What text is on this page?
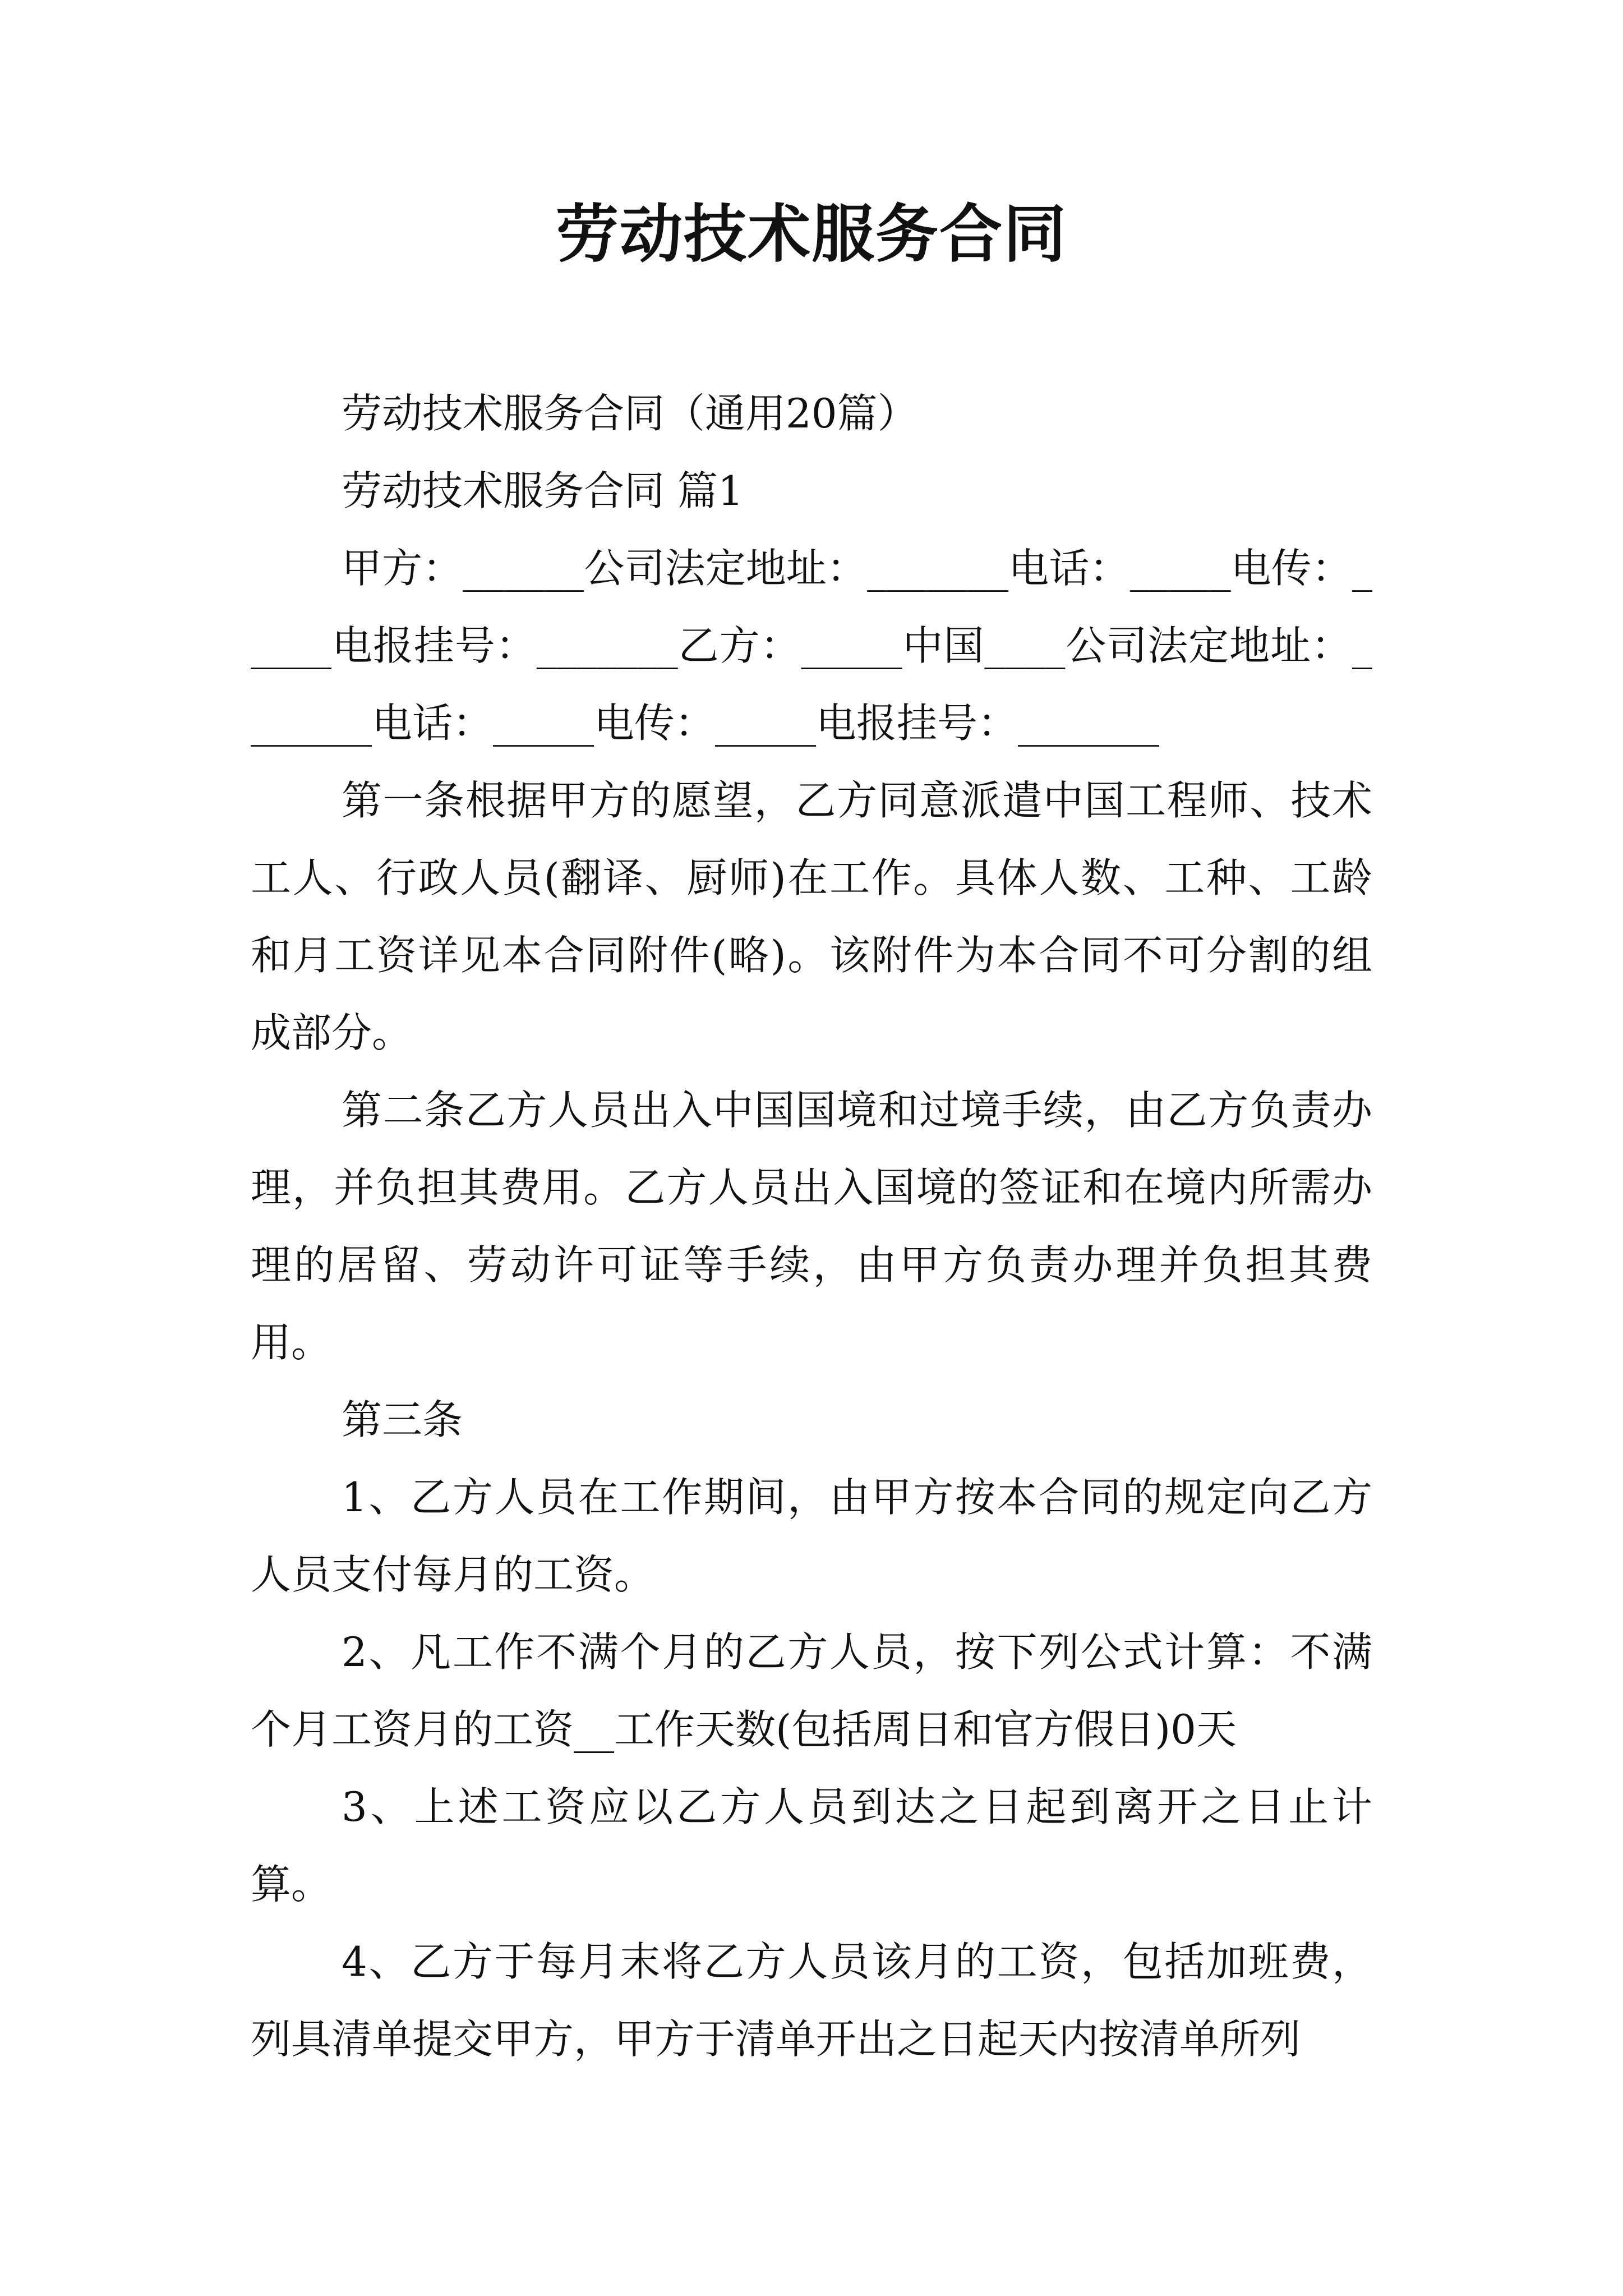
劳动技术服务合同

劳动技术服务合同（通用20篇）

劳动技术服务合同 篇1

甲方：______公司法定地址：_______电话：_____电传：_____电报挂号：_______乙方：_____中国____公司法定地址：_______电话：_____电传：_____电报挂号：_______

第一条根据甲方的愿望，乙方同意派遣中国工程师、技术工人、行政人员(翻译、厨师)在工作。具体人数、工种、工龄和月工资详见本合同附件(略)。该附件为本合同不可分割的组成部分。

第二条乙方人员出入中国国境和过境手续，由乙方负责办理，并负担其费用。乙方人员出入国境的签证和在境内所需办理的居留、劳动许可证等手续，由甲方负责办理并负担其费用。

第三条

1、乙方人员在工作期间，由甲方按本合同的规定向乙方人员支付每月的工资。

2、凡工作不满个月的乙方人员，按下列公式计算：不满个月工资月的工资__工作天数(包括周日和官方假日)0天

3、上述工资应以乙方人员到达之日起到离开之日止计算。

4、乙方于每月末将乙方人员该月的工资，包括加班费，列具清单提交甲方，甲方于清单开出之日起天内按清单所列
